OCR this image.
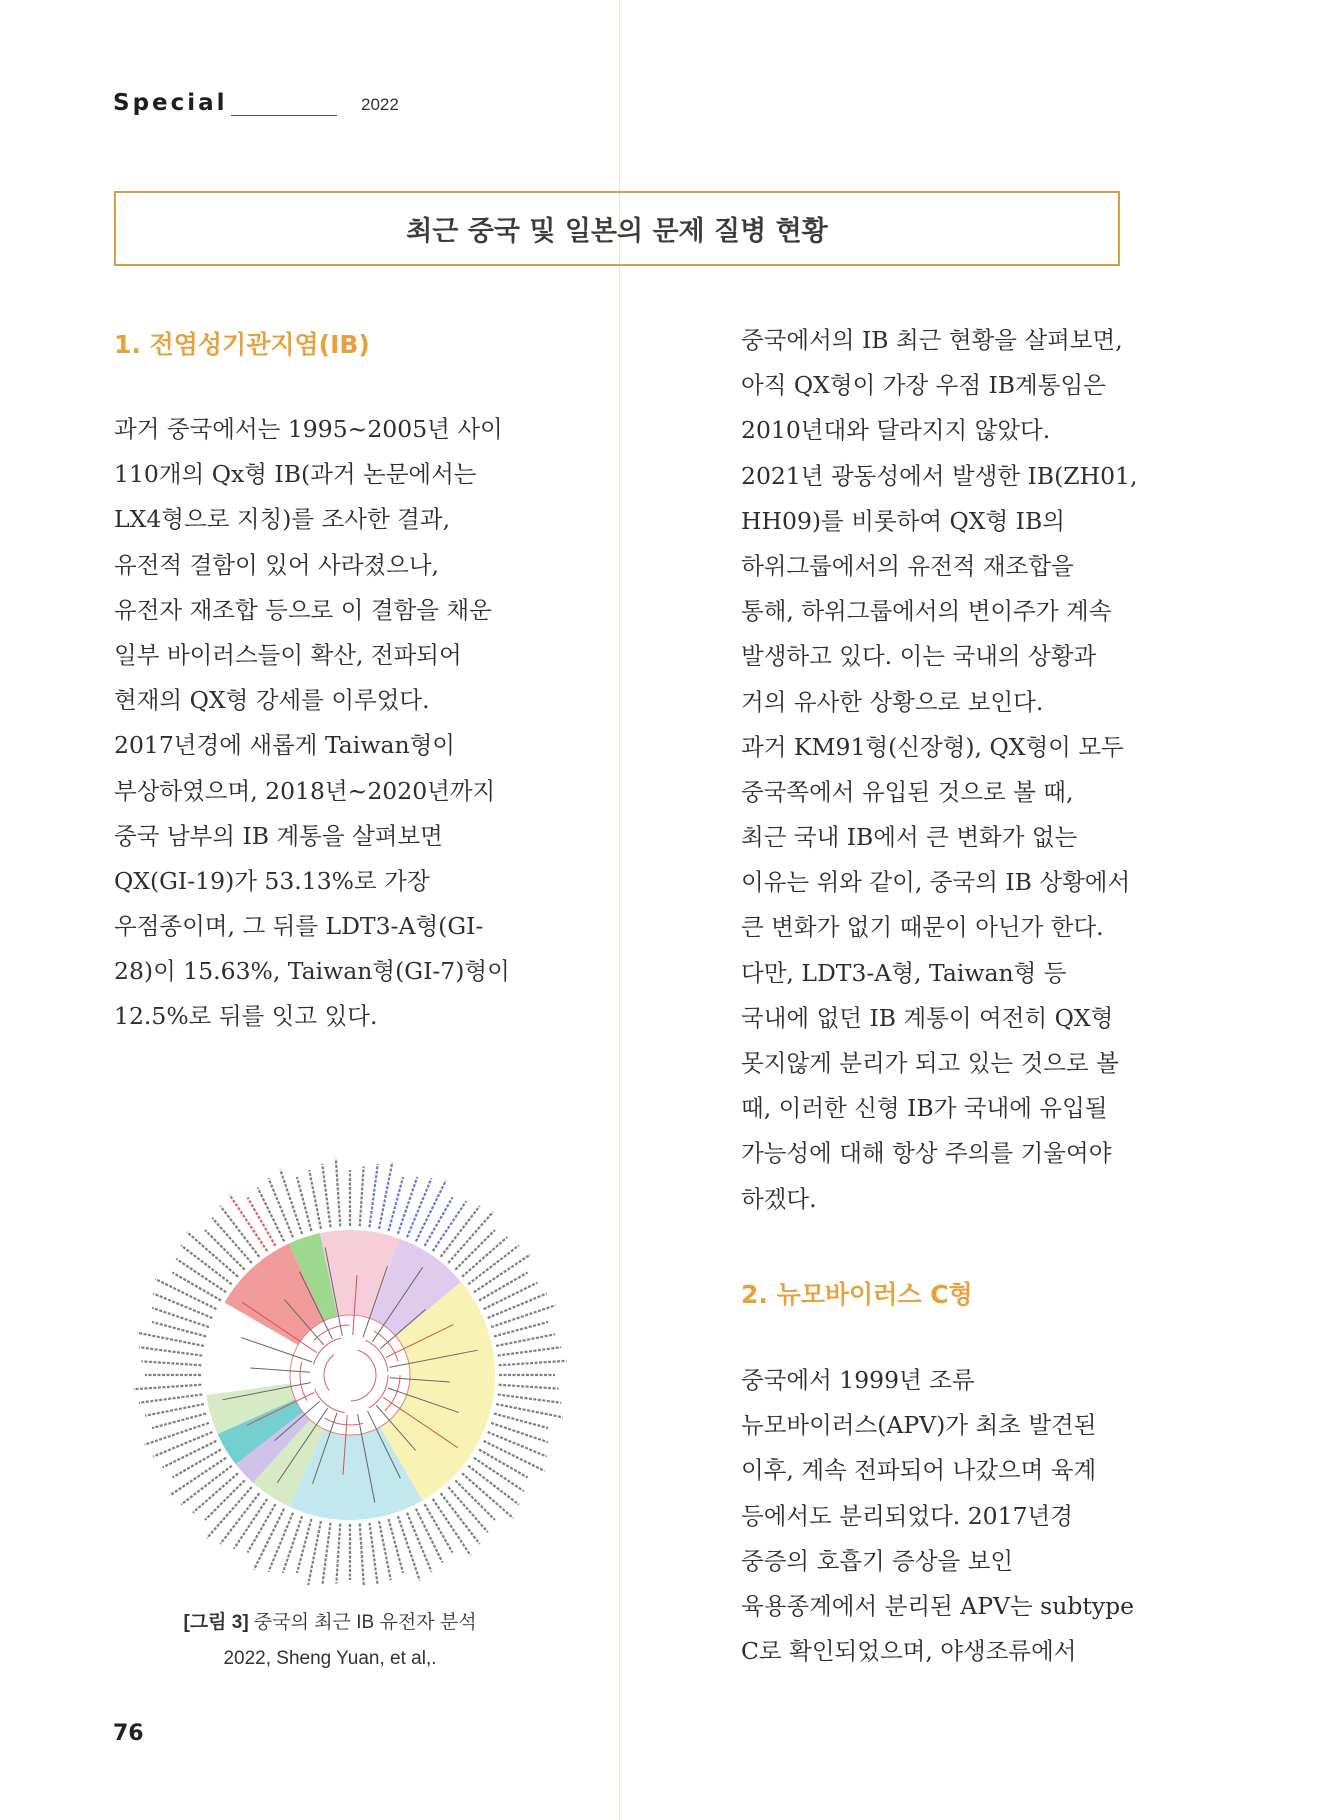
Special	2022
최근 중국 및 일본의 문제 질병 현황
1. 전염성기관지염(IB)
과거 중국에서는 1995~2005년 사이
110개의 Qx형 IB(과거 논문에서는
LX4형으로 지칭)를 조사한 결과,
유전적 결함이 있어 사라졌으나,
유전자 재조합 등으로 이 결함을 채운
일부 바이러스들이 확산, 전파되어
현재의 QX형 강세를 이루었다.
2017년경에 새롭게 Taiwan형이
부상하였으며, 2018년~2020년까지
중국 남부의 IB 계통을 살펴보면
QX(GI-19)가 53.13%로 가장
우점종이며, 그 뒤를 LDT3-A형(GI-
28)이 15.63%, Taiwan형(GI-7)형이
12.5%로 뒤를 잇고 있다.
중국에서의 IB 최근 현황을 살펴보면,
아직 QX형이 가장 우점 IB계통임은
2010년대와 달라지지 않았다.
2021년 광동성에서 발생한 IB(ZH01,
HH09)를 비롯하여 QX형 IB의
하위그룹에서의 유전적 재조합을
통해, 하위그룹에서의 변이주가 계속
발생하고 있다. 이는 국내의 상황과
거의 유사한 상황으로 보인다.
과거 KM91형(신장형), QX형이 모두
중국쪽에서 유입된 것으로 볼 때,
최근 국내 IB에서 큰 변화가 없는
이유는 위와 같이, 중국의 IB 상황에서
큰 변화가 없기 때문이 아닌가 한다.
다만, LDT3-A형, Taiwan형 등
국내에 없던 IB 계통이 여전히 QX형
못지않게 분리가 되고 있는 것으로 볼
때, 이러한 신형 IB가 국내에 유입될
가능성에 대해 항상 주의를 기울여야
하겠다.
2. 뉴모바이러스 C형
중국에서 1999년 조류
뉴모바이러스(APV)가 최초 발견된
이후, 계속 전파되어 나갔으며 육계
등에서도 분리되었다. 2017년경
중증의 호흡기 증상을 보인
육용종계에서 분리된 APV는 subtype
C로 확인되었으며, 야생조류에서
[그림 3] 중국의 최근 IB 유전자 분석
2022, Sheng Yuan, et al,.
76
